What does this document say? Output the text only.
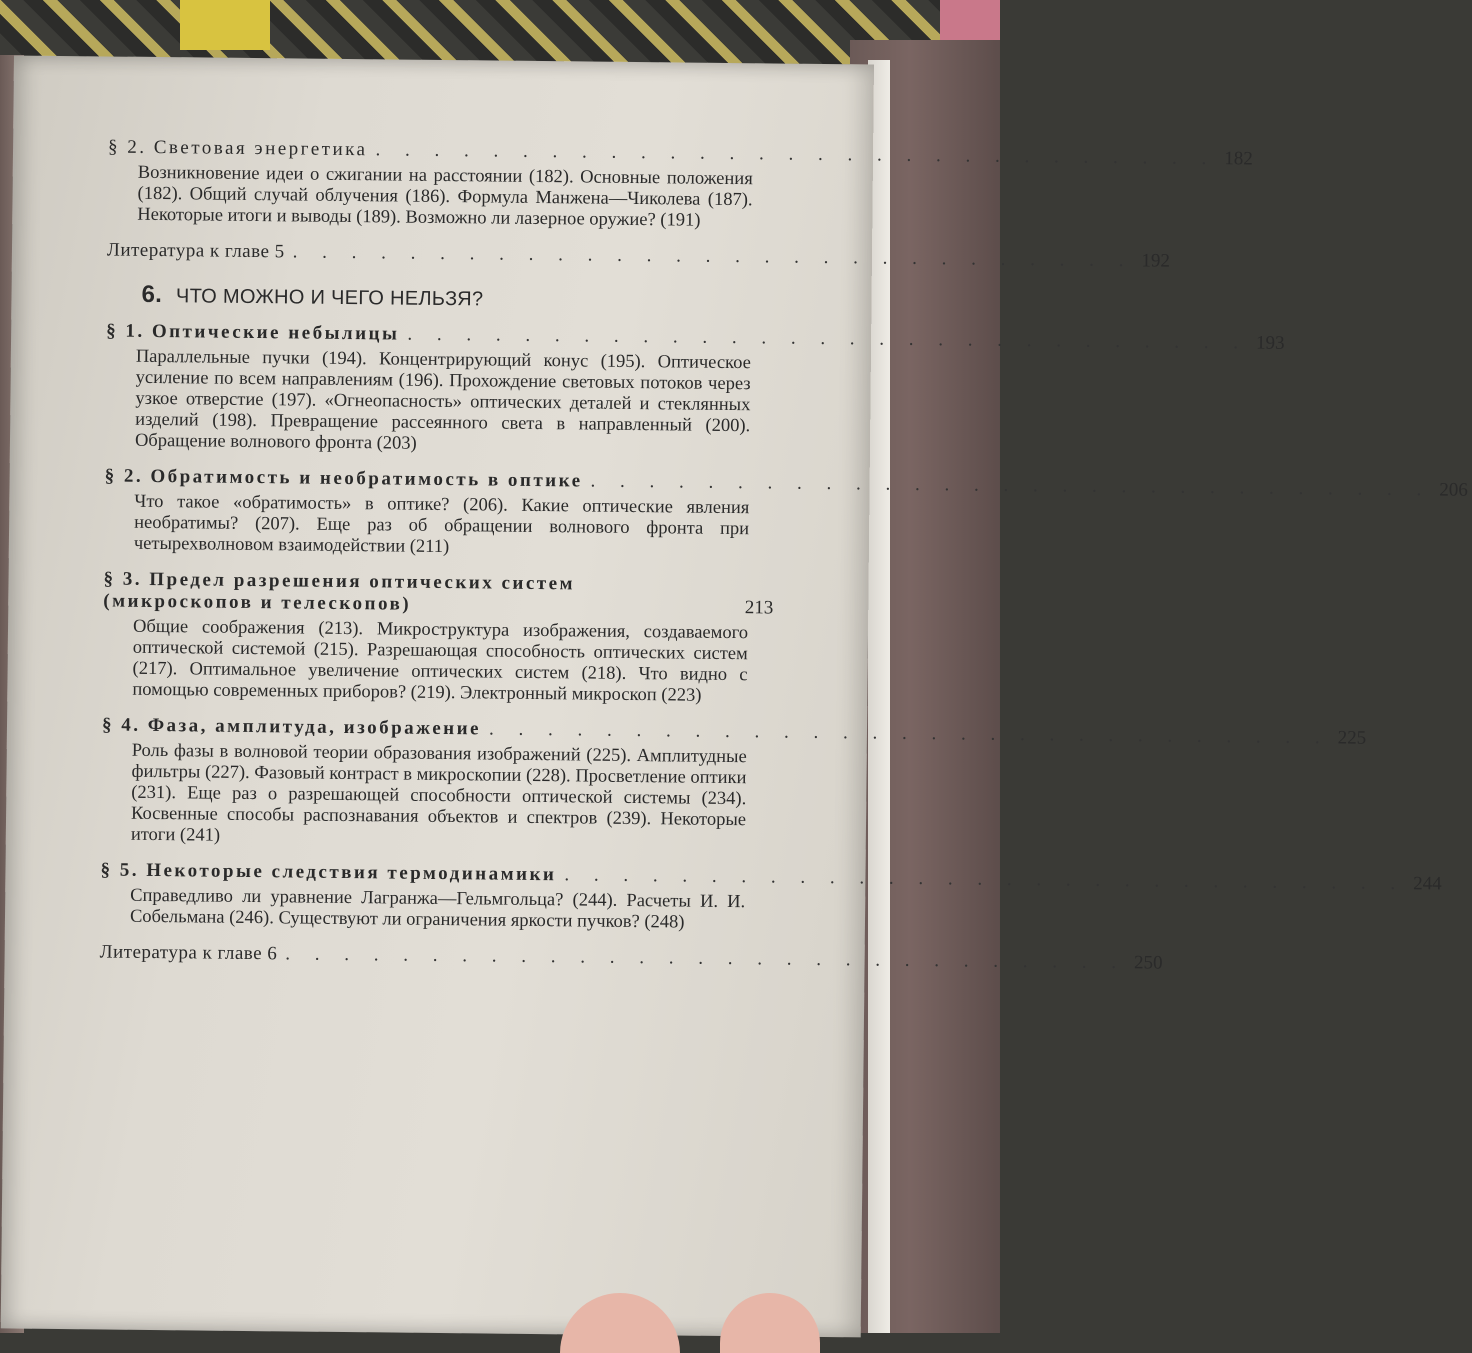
§ 2. Световая энергетика . . . . . . . . . . . . . . . . . . . . . . . . . . . . . 182
Возникновение идеи о сжигании на расстоянии (182). Основные положения (182). Общий случай облучения (186). Формула Манжена—Чиколева (187). Некоторые итоги и выводы (189). Возможно ли лазерное оружие? (191)
Литература к главе 5 . . . . . . . . . . . . . . . . . . . . . . . . . . . . . 192
6. ЧТО МОЖНО И ЧЕГО НЕЛЬЗЯ?
§ 1. Оптические небылицы . . . . . . . . . . . . . . . . . . . . . . . . . . . . . 193
Параллельные пучки (194). Концентрирующий конус (195). Оптическое усиление по всем направлениям (196). Прохождение световых потоков через узкое отверстие (197). «Огнеопасность» оптических деталей и стеклянных изделий (198). Превращение рассеянного света в направленный (200). Обращение волнового фронта (203)
§ 2. Обратимость и необратимость в оптике . . . . . . . . . . . . . . . . . . . . . . . . . . . . . 206
Что такое «обратимость» в оптике? (206). Какие оптические явления необратимы? (207). Еще раз об обращении волнового фронта при четырехволновом взаимодействии (211)
§ 3. Предел разрешения оптических систем (микроскопов и телескопов)	213
Общие соображения (213). Микроструктура изображения, создаваемого оптической системой (215). Разрешающая способность оптических систем (217). Оптимальное увеличение оптических систем (218). Что видно с помощью современных приборов? (219). Электронный микроскоп (223)
§ 4. Фаза, амплитуда, изображение . . . . . . . . . . . . . . . . . . . . . . . . . . . . . 225
Роль фазы в волновой теории образования изображений (225). Амплитудные фильтры (227). Фазовый контраст в микроскопии (228). Просветление оптики (231). Еще раз о разрешающей способности оптической системы (234). Косвенные способы распознавания объектов и спектров (239). Некоторые итоги (241)
§ 5. Некоторые следствия термодинамики . . . . . . . . . . . . . . . . . . . . . . . . . . . . . 244
Справедливо ли уравнение Лагранжа—Гельмгольца? (244). Расчеты И. И. Собельмана (246). Существуют ли ограничения яркости пучков? (248)
Литература к главе 6 . . . . . . . . . . . . . . . . . . . . . . . . . . . . . 250
